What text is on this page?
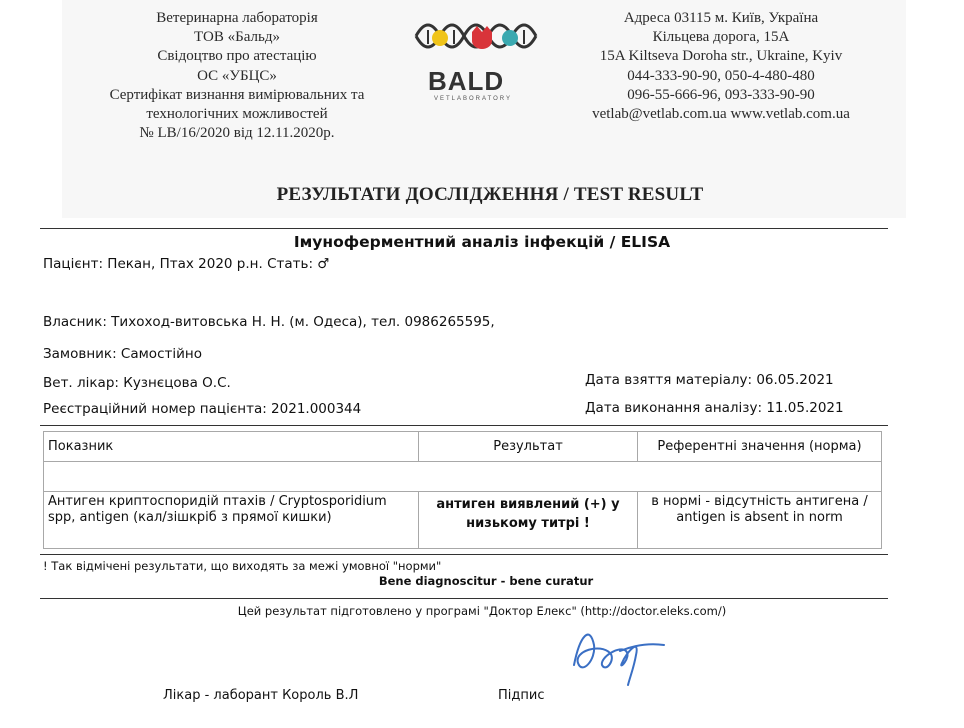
Ветеринарна лабораторія
ТОВ «Бальд»
Свідоцтво про атестацію
ОС «УБЦС»
Сертифікат визнання вимірювальних та
технологічних можливостей
№ LB/16/2020 від 12.11.2020р.
BALD
VETLABORATORY
Адреса 03115 м. Київ, Україна
Кільцева дорога, 15А
15A Kiltseva Doroha str., Ukraine, Kyiv
044-333-90-90, 050-4-480-480
096-55-666-96, 093-333-90-90
vetlab@vetlab.com.ua www.vetlab.com.ua
РЕЗУЛЬТАТИ ДОСЛІДЖЕННЯ / TEST RESULT
Імуноферментний аналіз інфекцій / ELISA
Пацієнт: Пекан, Птах 2020 р.н. Стать: ♂
Власник: Тихоход-витовська Н. Н. (м. Одеса), тел. 0986265595,
Замовник: Самостійно
Вет. лікар: Кузнєцова О.С.
Реєстраційний номер пацієнта: 2021.000344
Дата взяття матеріалу: 06.05.2021
Дата виконання аналізу: 11.05.2021
Показник	Результат	Референтні значення (норма)

Антиген криптоспоридій птахів / Cryptosporidium spp, antigen (кал/зішкріб з прямої кишки)	антиген виявлений (+) у низькому титрі !	в нормі - відсутність антигена / antigen is absent in norm
! Так відмічені результати, що виходять за межі умовної "норми"
Bene diagnoscitur - bene curatur
Цей результат підготовлено у програмі "Доктор Елекс" (http://doctor.eleks.com/)
Лікар - лаборант Король В.Л	Підпис
